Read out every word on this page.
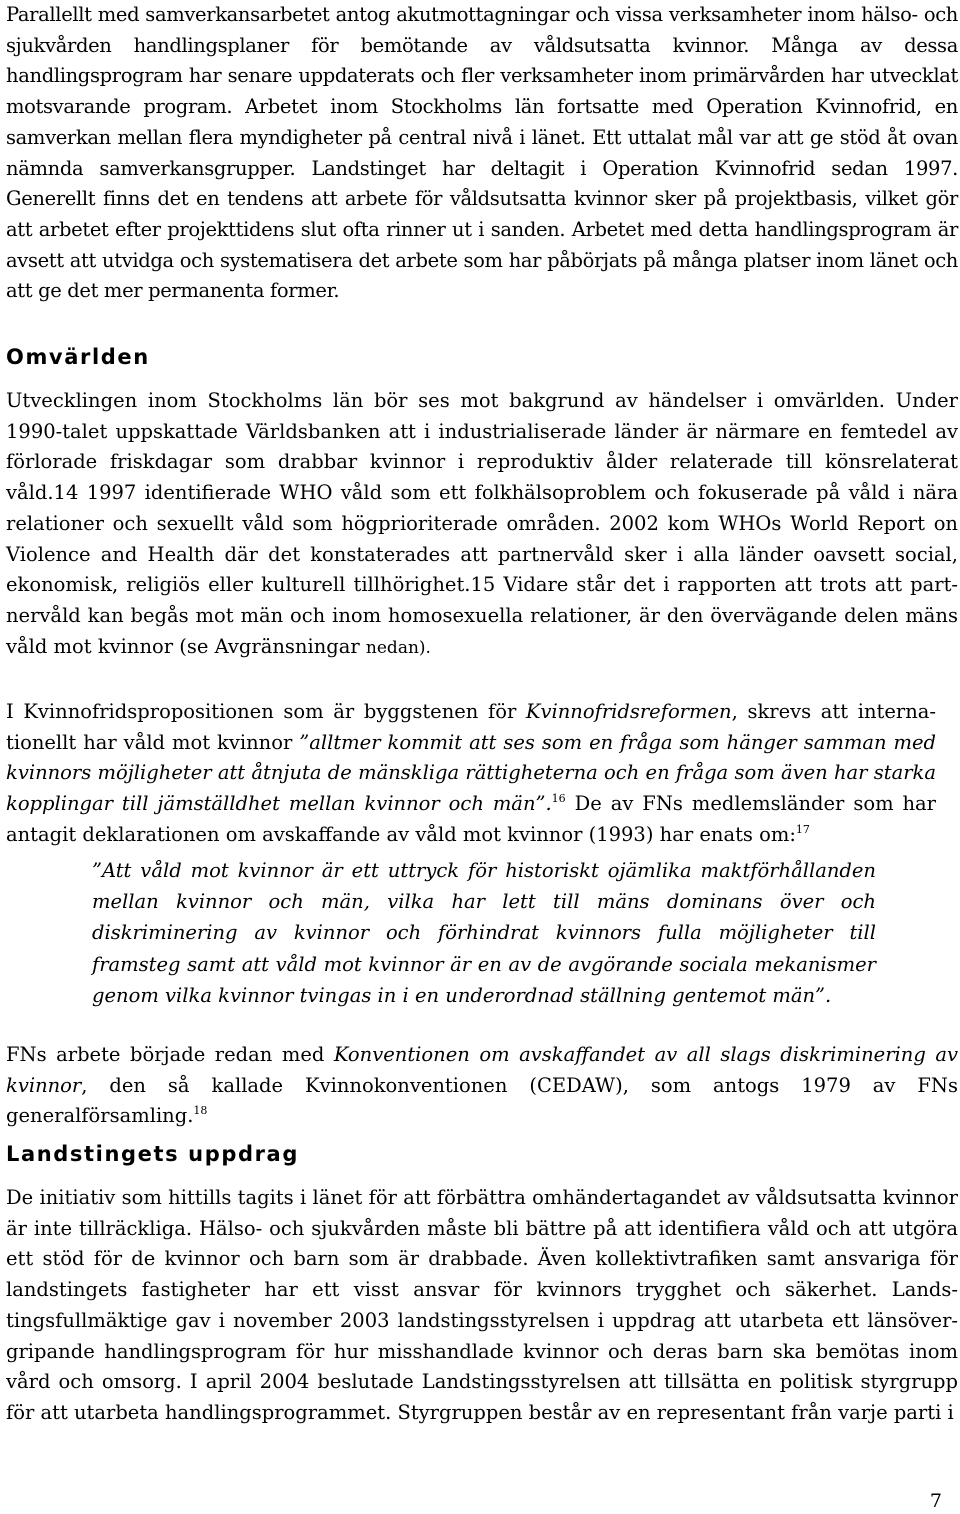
Parallellt med samverkansarbetet antog akutmottagningar och vissa verksamheter inom hälso- och sjukvården handlingsplaner för bemötande av våldsutsatta kvinnor. Många av dessa handlingsprogram har senare uppdaterats och fler verksamheter inom primärvården har utvecklat motsvarande program. Arbetet inom Stockholms län fortsatte med Operation Kvinnofrid, en samverkan mellan flera myndigheter på central nivå i länet. Ett uttalat mål var att ge stöd åt ovan nämnda samverkansgrupper. Landstinget har deltagit i Operation Kvinnofrid sedan 1997. Generellt finns det en tendens att arbete för våldsutsatta kvinnor sker på projektbasis, vilket gör att arbetet efter projekttidens slut ofta rinner ut i sanden. Arbetet med detta handlingsprogram är avsett att utvidga och systematisera det arbete som har påbörjats på många platser inom länet och att ge det mer permanenta former.

Omvärlden

Utvecklingen inom Stockholms län bör ses mot bakgrund av händelser i omvärlden. Under 1990-talet uppskattade Världsbanken att i industrialiserade länder är närmare en femtedel av förlorade friskdagar som drabbar kvinnor i reproduktiv ålder relaterade till könsrelaterat våld.14 1997 identifierade WHO våld som ett folkhälsoproblem och fokuserade på våld i nära relationer och sexuellt våld som högprioriterade områden. 2002 kom WHOs World Report on Violence and Health där det konstaterades att partnervåld sker i alla länder oavsett social, ekonomisk, religiös eller kulturell tillhörighet.15 Vidare står det i rapporten att trots att partnervåld kan begås mot män och inom homosexuella relationer, är den övervägande delen mäns våld mot kvinnor (se Avgränsningar nedan).

I Kvinnofridspropositionen som är byggstenen för Kvinnofridsreformen, skrevs att internationellt har våld mot kvinnor ”alltmer kommit att ses som en fråga som hänger samman med kvinnors möjligheter att åtnjuta de mänskliga rättigheterna och en fråga som även har starka kopplingar till jämställdhet mellan kvinnor och män”.$^{16}$ De av FNs medlemsländer som har antagit deklarationen om avskaffande av våld mot kvinnor (1993) har enats om:$^{17}$

”Att våld mot kvinnor är ett uttryck för historiskt ojämlika maktförhållanden mellan kvinnor och män, vilka har lett till mäns dominans över och diskriminering av kvinnor och förhindrat kvinnors fulla möjligheter till framsteg samt att våld mot kvinnor är en av de avgörande sociala mekanismer genom vilka kvinnor tvingas in i en underordnad ställning gentemot män”.

FNs arbete började redan med Konventionen om avskaffandet av all slags diskriminering av kvinnor, den så kallade Kvinnokonventionen (CEDAW), som antogs 1979 av FNs generalförsamling.$^{18}$

Landstingets uppdrag

De initiativ som hittills tagits i länet för att förbättra omhändertagandet av våldsutsatta kvinnor är inte tillräckliga. Hälso- och sjukvården måste bli bättre på att identifiera våld och att utgöra ett stöd för de kvinnor och barn som är drabbade. Även kollektivtrafiken samt ansvariga för landstingets fastigheter har ett visst ansvar för kvinnors trygghet och säkerhet. Landstingsfullmäktige gav i november 2003 landstingsstyrelsen i uppdrag att utarbeta ett länsövergripande handlingsprogram för hur misshandlade kvinnor och deras barn ska bemötas inom vård och omsorg. I april 2004 beslutade Landstingsstyrelsen att tillsätta en politisk styrgrupp för att utarbeta handlingsprogrammet. Styrgruppen består av en representant från varje parti i

7
